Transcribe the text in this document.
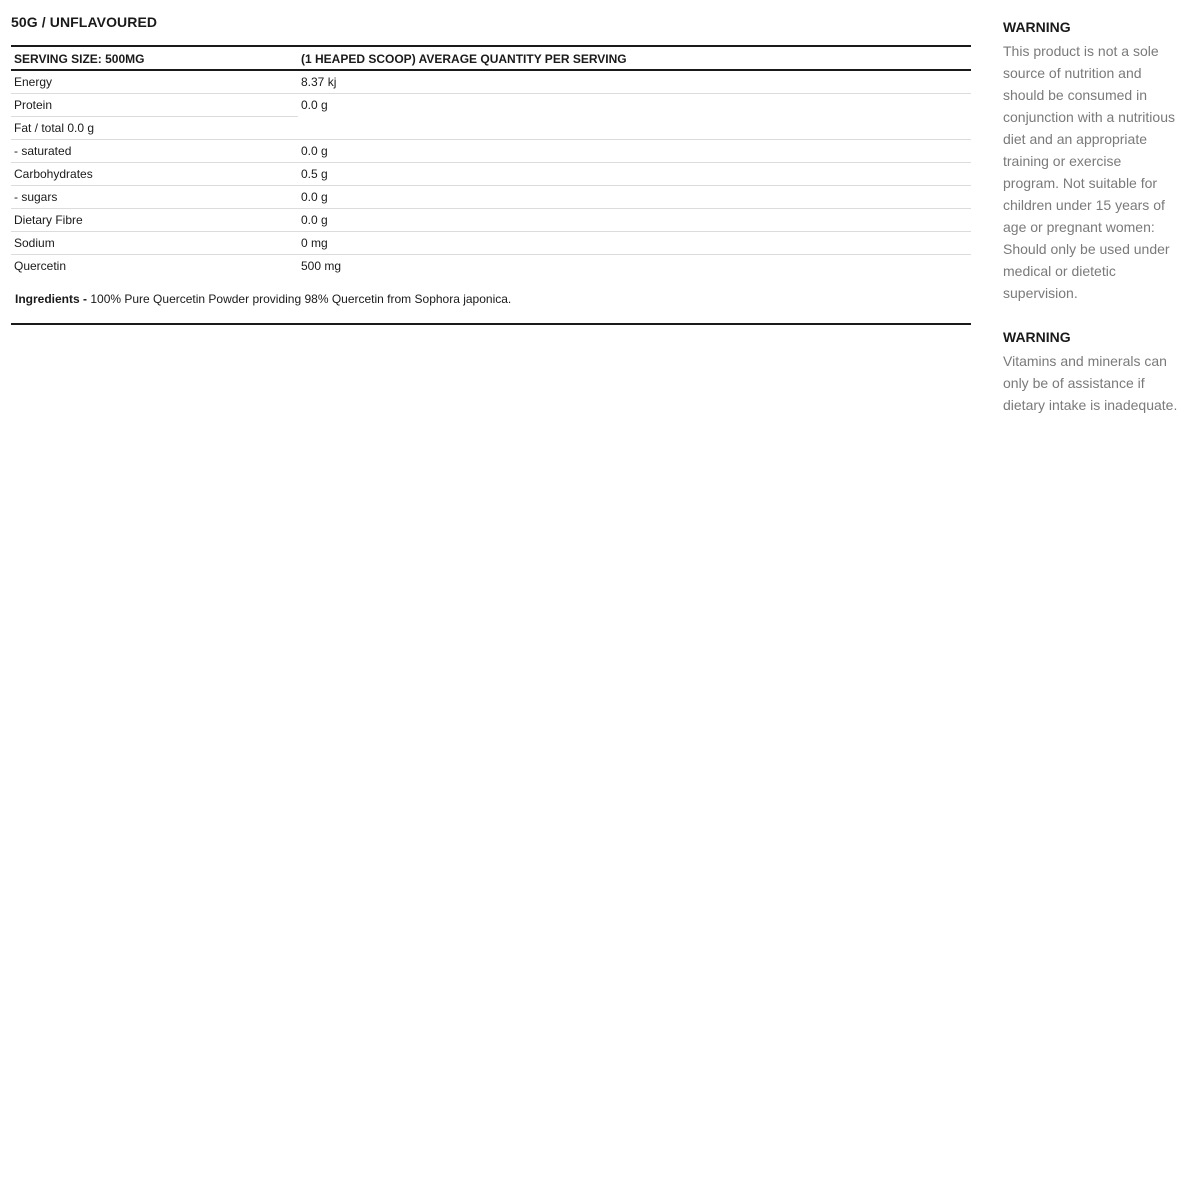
50G / UNFLAVOURED
SERVING SIZE: 500MG	(1 HEAPED SCOOP) AVERAGE QUANTITY PER SERVING
Energy	8.37 kj
Protein	0.0 g
Fat / total 0.0 g	
- saturated	0.0 g
Carbohydrates	0.5 g
- sugars	0.0 g
Dietary Fibre	0.0 g
Sodium	0 mg
Quercetin	500 mg
Ingredients - 100% Pure Quercetin Powder providing 98% Quercetin from Sophora japonica.
WARNING
This product is not a sole source of nutrition and should be consumed in conjunction with a nutritious diet and an appropriate training or exercise program. Not suitable for children under 15 years of age or pregnant women: Should only be used under medical or dietetic supervision.
WARNING
Vitamins and minerals can only be of assistance if dietary intake is inadequate.
